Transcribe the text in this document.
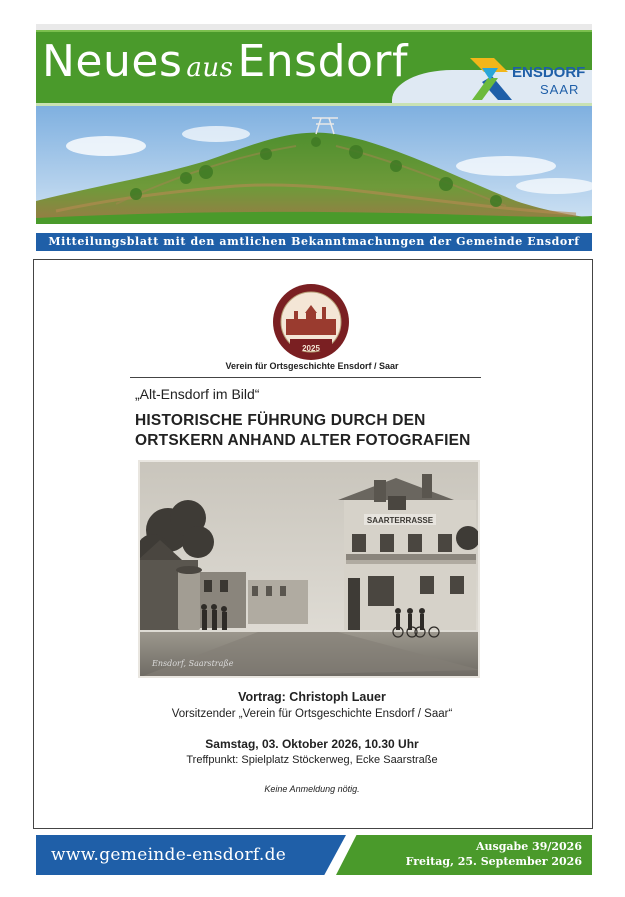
Neues ausEnsdorf	ENSDORF
SAAR
Mitteilungsblatt mit den amtlichen Bekanntmachungen der Gemeinde Ensdorf
2025
Verein für Ortsgeschichte Ensdorf / Saar
„Alt-Ensdorf im Bild“
HISTORISCHE FÜHRUNG DURCH DEN
ORTSKERN ANHAND ALTER FOTOGRAFIEN
SAARTERRASSE
Ensdorf, Saarstraße
Vortrag: Christoph Lauer
Vorsitzender „Verein für Ortsgeschichte Ensdorf / Saar“
Samstag, 03. Oktober 2026, 10.30 Uhr
Treffpunkt: Spielplatz Stöckerweg, Ecke Saarstraße
Keine Anmeldung nötig.
www.gemeinde-ensdorf.de	Ausgabe 39/2026
Freitag, 25. September 2026
